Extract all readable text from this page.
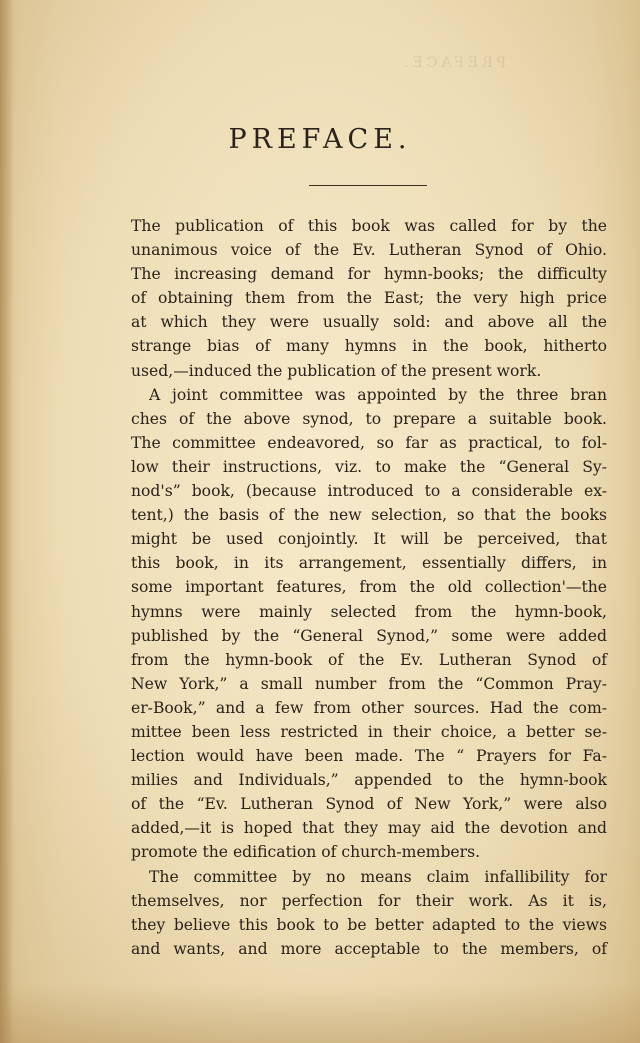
PREFACE.
PREFACE.
The publication of this book was called for by the
unanimous voice of the Ev. Lutheran Synod of Ohio.
The increasing demand for hymn-books; the difficulty
of obtaining them from the East; the very high price
at which they were usually sold: and above all the
strange bias of many hymns in the book, hitherto
used,—induced the publication of the present work.
A joint committee was appointed by the three bran
ches of the above synod, to prepare a suitable book.
The committee endeavored, so far as practical, to fol-
low their instructions, viz. to make the “General Sy-
nod's” book, (because introduced to a considerable ex-
tent,) the basis of the new selection, so that the books
might be used conjointly. It will be perceived, that
this book, in its arrangement, essentially differs, in
some important features, from the old collection'—the
hymns were mainly selected from the hymn-book,
published by the “General Synod,” some were added
from the hymn-book of the Ev. Lutheran Synod of
New York,” a small number from the “Common Pray-
er-Book,” and a few from other sources. Had the com-
mittee been less restricted in their choice, a better se-
lection would have been made. The “ Prayers for Fa-
milies and Individuals,” appended to the hymn-book
of the “Ev. Lutheran Synod of New York,” were also
added,—it is hoped that they may aid the devotion and
promote the edification of church-members.
The committee by no means claim infallibility for
themselves, nor perfection for their work. As it is,
they believe this book to be better adapted to the views
and wants, and more acceptable to the members, of
